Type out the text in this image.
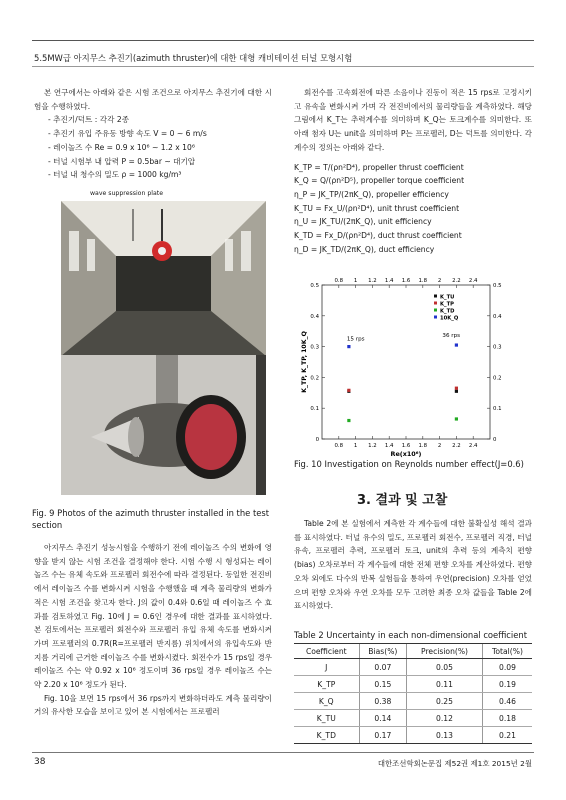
5.5MW급 아지무스 추진기(azimuth thruster)에 대한 대형 캐비테이션 터널 모형시험
본 연구에서는 아래와 같은 시험 조건으로 아지무스 추진기에 대한 시험을 수행하였다.
- 추진기/덕트 : 각각 2종
- 추진기 유입 주유동 방향 속도 V = 0 ~ 6 m/s
- 레이놀즈 수 Re = 0.9 x 10⁶ ~ 1.2 x 10⁶
- 터널 시험부 내 압력 P = 0.5bar ~ 대기압
- 터널 내 청수의 밀도 ρ = 1000 kg/m³
wave suppression plate
Fig. 9 Photos of the azimuth thruster installed in the test section
아지무스 추진기 성능시험을 수행하기 전에 레이놀즈 수의 변화에 영향을 받지 않는 시험 조건을 결정해야 한다. 시험 수행 시 형성되는 레이놀즈 수는 유체 속도와 프로펠러 회전수에 따라 결정된다. 동일한 전진비에서 레이놀즈 수를 변화시켜 시험을 수행했을 때 계측 물리량의 변화가 적은 시험 조건을 찾고자 한다. J의 값이 0.4와 0.6일 때 레이놀즈 수 효과를 검토하였고 Fig. 10에 J = 0.6인 경우에 대한 결과를 표시하였다. 본 검토에서는 프로펠러 회전수와 프로펠러 유입 유체 속도를 변화시켜가며 프로펠러의 0.7R(R=프로펠러 반지름) 위치에서의 유입속도와 반지름 거리에 근거한 레이놀즈 수를 변화시켰다. 회전수가 15 rps일 경우 레이놀즈 수는 약 0.92 x 10⁶ 정도이며 36 rps일 경우 레이놀즈 수는 약 2.20 x 10⁶ 정도가 된다.
Fig. 10을 보면 15 rps에서 36 rps까지 변화하더라도 계측 물리량이 거의 유사한 모습을 보이고 있어 본 시험에서는 프로펠러
회전수를 고속회전에 따른 소음이나 진동이 적은 15 rps로 고정시키고 유속을 변화시켜 가며 각 전진비에서의 물리량들을 계측하였다. 해당 그림에서 K_T는 추력계수를 의미하며 K_Q는 토크계수를 의미한다. 또 아래 첨자 U는 unit을 의미하며 P는 프로펠러, D는 덕트를 의미한다. 각 계수의 정의는 아래와 같다.
K_TP = T/(ρn²D⁴), propeller thrust coefficient
K_Q = Q/(ρn²D⁵), propeller torque coefficient
η_P = JK_TP/(2πK_Q), propeller efficiency
K_TU = Fx_U/(ρn²D⁴), unit thrust coefficient
η_U = JK_TU/(2πK_Q), unit efficiency
K_TD = Fx_D/(ρn²D⁴), duct thrust coefficient
η_D = JK_TD/(2πK_Q), duct efficiency
0.8
0.8
1
1
1.2
1.2
1.4
1.4
1.6
1.6
1.8
1.8
2
2
2.2
2.2
2.4
2.4
0	0
0.1	0.1
0.2	0.2
0.3	0.3
0.4	0.4
0.5	0.5
Re(x10⁶)
K_TP, K_TP, 10K_Q	15 rps
36 rps
K_TU
K_TP
K_TD
10K_Q
Fig. 10 Investigation on Reynolds number effect(J=0.6)
3. 결과 및 고찰
Table 2에 본 실험에서 계측한 각 계수들에 대한 불확실성 해석 결과를 표시하였다. 터널 유수의 밀도, 프로펠러 회전수, 프로펠러 직경, 터널 유속, 프로펠러 추력, 프로펠러 토크, unit의 추력 등의 계측치 편향(bias) 오차로부터 각 계수들에 대한 전체 편향 오차를 계산하였다. 편향 오차 외에도 다수의 반복 실험들을 통하여 우연(precision) 오차를 얻었으며 편향 오차와 우연 오차를 모두 고려한 최종 오차 값들을 Table 2에 표시하였다.
Table 2 Uncertainty in each non-dimensional coefficient
Coefficient	Bias(%)	Precision(%)	Total(%)
J	0.07	0.05	0.09
K_TP	0.15	0.11	0.19
K_Q	0.38	0.25	0.46
K_TU	0.14	0.12	0.18
K_TD	0.17	0.13	0.21
38	대한조선학회논문집 제52권 제1호 2015년 2월
